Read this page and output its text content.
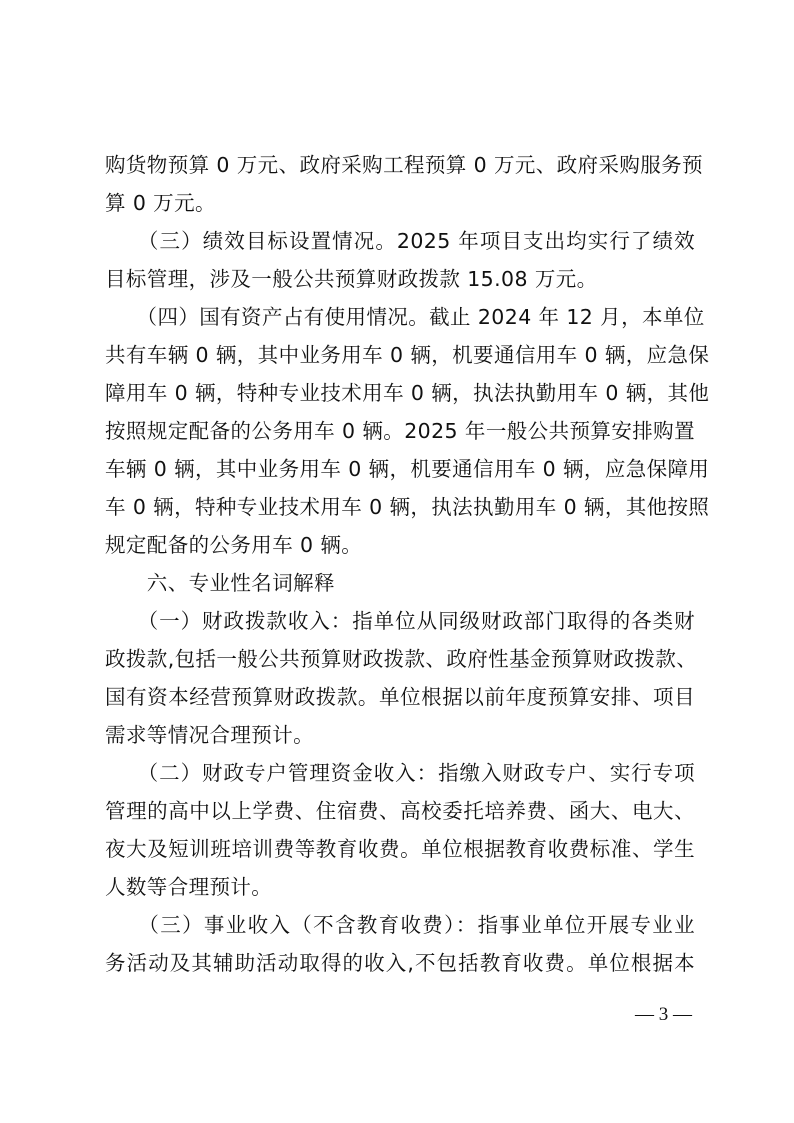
购货物预算 0 万元、政府采购工程预算 0 万元、政府采购服务预
算 0 万元。
　　（三）绩效目标设置情况。2025 年项目支出均实行了绩效
目标管理，涉及一般公共预算财政拨款 15.08 万元。
　　（四）国有资产占有使用情况。截止 2024 年 12 月，本单位
共有车辆 0 辆，其中业务用车 0 辆，机要通信用车 0 辆，应急保
障用车 0 辆，特种专业技术用车 0 辆，执法执勤用车 0 辆，其他
按照规定配备的公务用车 0 辆。2025 年一般公共预算安排购置
车辆 0 辆，其中业务用车 0 辆，机要通信用车 0 辆，应急保障用
车 0 辆，特种专业技术用车 0 辆，执法执勤用车 0 辆，其他按照
规定配备的公务用车 0 辆。
　　六、专业性名词解释
　　（一）财政拨款收入：指单位从同级财政部门取得的各类财
政拨款,包括一般公共预算财政拨款、政府性基金预算财政拨款、
国有资本经营预算财政拨款。单位根据以前年度预算安排、项目
需求等情况合理预计。
　　（二）财政专户管理资金收入：指缴入财政专户、实行专项
管理的高中以上学费、住宿费、高校委托培养费、函大、电大、
夜大及短训班培训费等教育收费。单位根据教育收费标准、学生
人数等合理预计。
　　（三）事业收入（不含教育收费）：指事业单位开展专业业
务活动及其辅助活动取得的收入,不包括教育收费。单位根据本
— 3 —
